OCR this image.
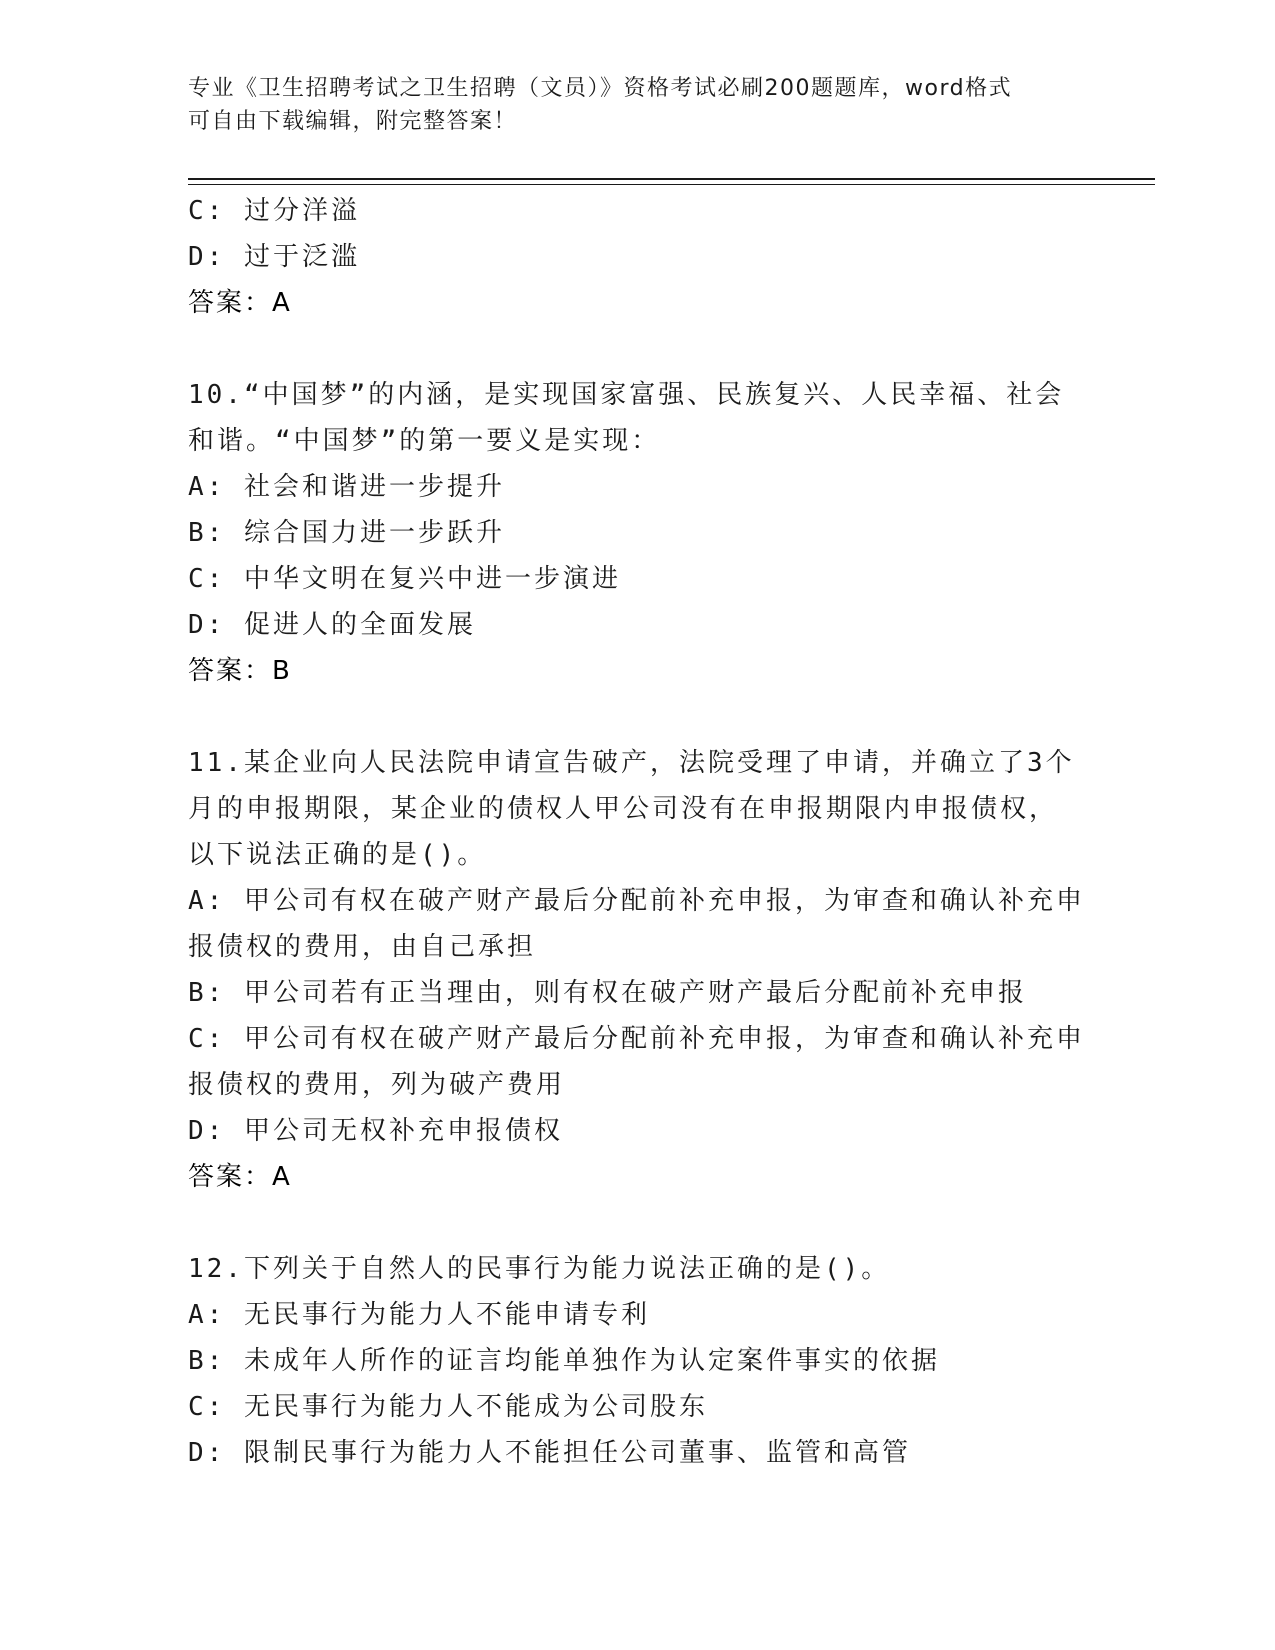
专业《卫生招聘考试之卫生招聘（文员）》资格考试必刷200题题库，word格式
可自由下载编辑，附完整答案！
C: 过分洋溢
D: 过于泛滥
答案：A
10.“中国梦”的内涵，是实现国家富强、民族复兴、人民幸福、社会
和谐。“中国梦”的第一要义是实现：
A: 社会和谐进一步提升
B: 综合国力进一步跃升
C: 中华文明在复兴中进一步演进
D: 促进人的全面发展
答案：B
11.某企业向人民法院申请宣告破产，法院受理了申请，并确立了3个
月的申报期限，某企业的债权人甲公司没有在申报期限内申报债权，
以下说法正确的是()。
A: 甲公司有权在破产财产最后分配前补充申报，为审查和确认补充申
报债权的费用，由自己承担
B: 甲公司若有正当理由，则有权在破产财产最后分配前补充申报
C: 甲公司有权在破产财产最后分配前补充申报，为审查和确认补充申
报债权的费用，列为破产费用
D: 甲公司无权补充申报债权
答案：A
12.下列关于自然人的民事行为能力说法正确的是()。
A: 无民事行为能力人不能申请专利
B: 未成年人所作的证言均能单独作为认定案件事实的依据
C: 无民事行为能力人不能成为公司股东
D: 限制民事行为能力人不能担任公司董事、监管和高管
